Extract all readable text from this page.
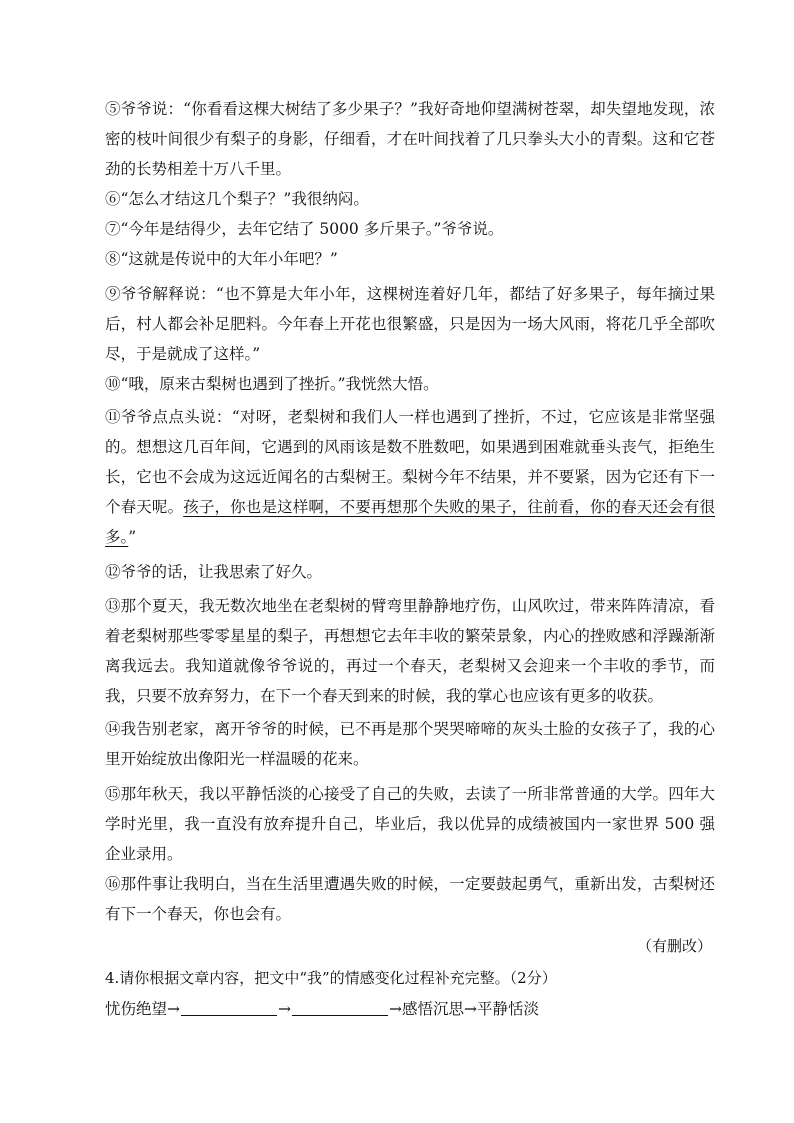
⑤爷爷说：“你看看这棵大树结了多少果子？”我好奇地仰望满树苍翠，却失望地发现，浓密的枝叶间很少有梨子的身影，仔细看，才在叶间找着了几只拳头大小的青梨。这和它苍劲的长势相差十万八千里。

⑥“怎么才结这几个梨子？”我很纳闷。

⑦“今年是结得少，去年它结了 5000 多斤果子。”爷爷说。

⑧“这就是传说中的大年小年吧？”

⑨爷爷解释说：“也不算是大年小年，这棵树连着好几年，都结了好多果子，每年摘过果后，村人都会补足肥料。今年春上开花也很繁盛，只是因为一场大风雨，将花几乎全部吹尽，于是就成了这样。”

⑩“哦，原来古梨树也遇到了挫折。”我恍然大悟。

⑪爷爷点点头说：“对呀，老梨树和我们人一样也遇到了挫折，不过，它应该是非常坚强的。想想这几百年间，它遇到的风雨该是数不胜数吧，如果遇到困难就垂头丧气，拒绝生长，它也不会成为这远近闻名的古梨树王。梨树今年不结果，并不要紧，因为它还有下一个春天呢。孩子，你也是这样啊，不要再想那个失败的果子，往前看，你的春天还会有很多。”

⑫爷爷的话，让我思索了好久。

⑬那个夏天，我无数次地坐在老梨树的臂弯里静静地疗伤，山风吹过，带来阵阵清凉，看着老梨树那些零零星星的梨子，再想想它去年丰收的繁荣景象，内心的挫败感和浮躁渐渐离我远去。我知道就像爷爷说的，再过一个春天，老梨树又会迎来一个丰收的季节，而我，只要不放弃努力，在下一个春天到来的时候，我的掌心也应该有更多的收获。

⑭我告别老家，离开爷爷的时候，已不再是那个哭哭啼啼的灰头土脸的女孩子了，我的心里开始绽放出像阳光一样温暖的花来。

⑮那年秋天，我以平静恬淡的心接受了自己的失败，去读了一所非常普通的大学。四年大学时光里，我一直没有放弃提升自己，毕业后，我以优异的成绩被国内一家世界 500 强企业录用。

⑯那件事让我明白，当在生活里遭遇失败的时候，一定要鼓起勇气，重新出发，古梨树还有下一个春天，你也会有。

（有删改）
4.请你根据文章内容，把文中“我”的情感变化过程补充完整。（2分）
忧伤绝望→	→	→感悟沉思→平静恬淡
